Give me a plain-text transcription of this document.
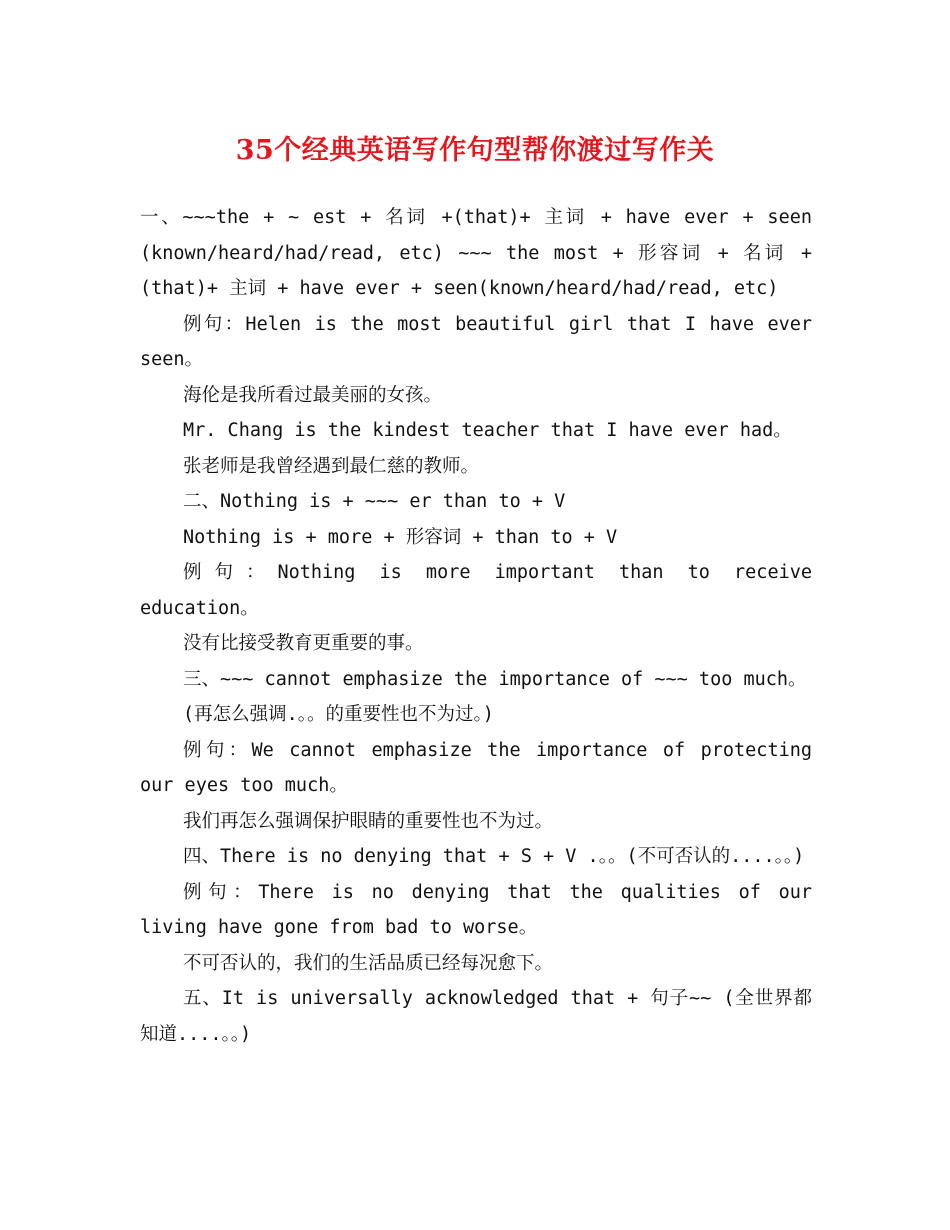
35个经典英语写作句型帮你渡过写作关

一、~~~the + ~ est + 名词 +(that)+ 主词 + have ever + seen (known/heard/had/read, etc) ~~~ the most + 形容词 + 名词 +(that)+ 主词 + have ever + seen(known/heard/had/read, etc)

例句：Helen is the most beautiful girl that I have ever seen。

海伦是我所看过最美丽的女孩。

Mr. Chang is the kindest teacher that I have ever had。

张老师是我曾经遇到最仁慈的教师。

二、Nothing is + ~~~ er than to + V

Nothing is + more + 形容词 + than to + V

例句：Nothing is more important than to receive education。

没有比接受教育更重要的事。

三、~~~ cannot emphasize the importance of ~~~ too much。

(再怎么强调.。。的重要性也不为过。)

例句：We cannot emphasize the importance of protecting our eyes too much。

我们再怎么强调保护眼睛的重要性也不为过。

四、There is no denying that + S + V .。。(不可否认的....。。)

例句：There is no denying that the qualities of our living have gone from bad to worse。

不可否认的，我们的生活品质已经每况愈下。

五、It is universally acknowledged that + 句子~~ (全世界都知道....。。)
